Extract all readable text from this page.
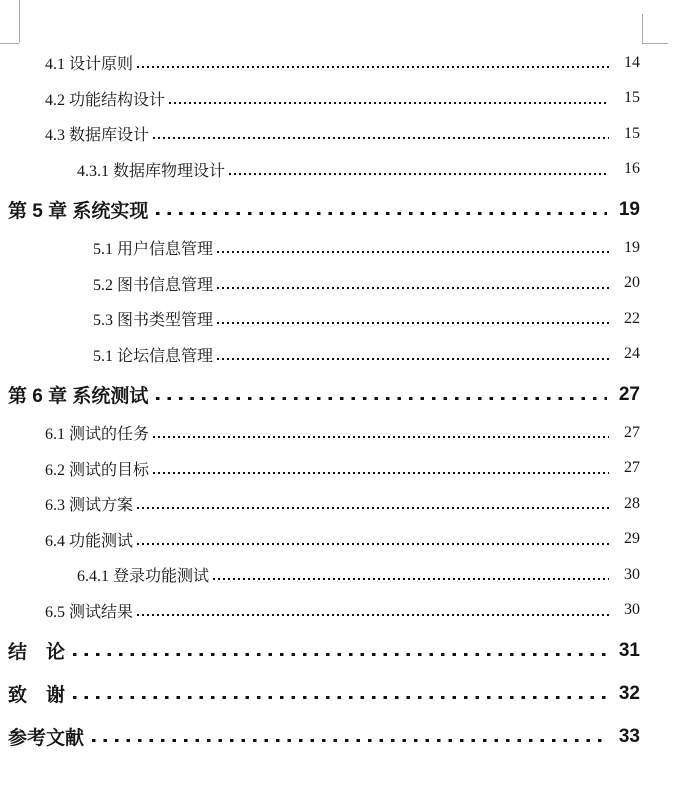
4.1 设计原则	14
4.2 功能结构设计	15
4.3 数据库设计	15
4.3.1 数据库物理设计	16
第 5 章 系统实现	19
5.1 用户信息管理	19
5.2 图书信息管理	20
5.3 图书类型管理	22
5.1 论坛信息管理	24
第 6 章 系统测试	27
6.1 测试的任务	27
6.2 测试的目标	27
6.3 测试方案	28
6.4 功能测试	29
6.4.1 登录功能测试	30
6.5 测试结果	30
结　论	31
致　谢	32
参考文献	33
